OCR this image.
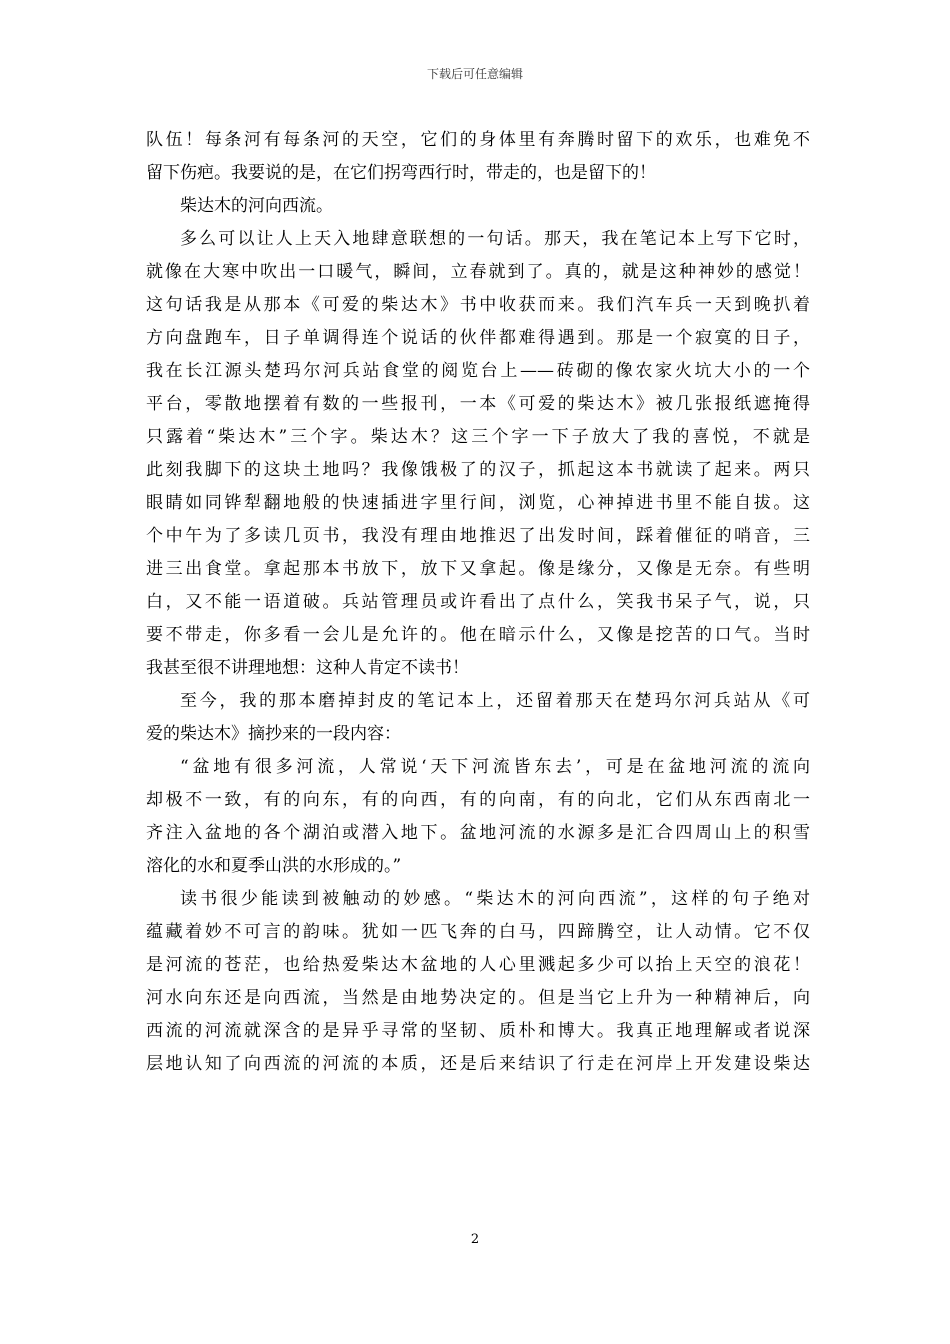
下载后可任意编辑
队伍！每条河有每条河的天空，它们的身体里有奔腾时留下的欢乐，也难免不
留下伤疤。我要说的是，在它们拐弯西行时，带走的，也是留下的！
柴达木的河向西流。
多么可以让人上天入地肆意联想的一句话。那天，我在笔记本上写下它时，
就像在大寒中吹出一口暖气，瞬间，立春就到了。真的，就是这种神妙的感觉！
这句话我是从那本《可爱的柴达木》书中收获而来。我们汽车兵一天到晚扒着
方向盘跑车，日子单调得连个说话的伙伴都难得遇到。那是一个寂寞的日子，
我在长江源头楚玛尔河兵站食堂的阅览台上——砖砌的像农家火坑大小的一个
平台，零散地摆着有数的一些报刊，一本《可爱的柴达木》被几张报纸遮掩得
只露着“柴达木”三个字。柴达木？这三个字一下子放大了我的喜悦，不就是
此刻我脚下的这块土地吗？我像饿极了的汉子，抓起这本书就读了起来。两只
眼睛如同铧犁翻地般的快速插进字里行间，浏览，心神掉进书里不能自拔。这
个中午为了多读几页书，我没有理由地推迟了出发时间，踩着催征的哨音，三
进三出食堂。拿起那本书放下，放下又拿起。像是缘分，又像是无奈。有些明
白，又不能一语道破。兵站管理员或许看出了点什么，笑我书呆子气，说，只
要不带走，你多看一会儿是允许的。他在暗示什么，又像是挖苦的口气。当时
我甚至很不讲理地想：这种人肯定不读书！
至今，我的那本磨掉封皮的笔记本上，还留着那天在楚玛尔河兵站从《可
爱的柴达木》摘抄来的一段内容：
“盆地有很多河流，人常说‘天下河流皆东去’，可是在盆地河流的流向
却极不一致，有的向东，有的向西，有的向南，有的向北，它们从东西南北一
齐注入盆地的各个湖泊或潜入地下。盆地河流的水源多是汇合四周山上的积雪
溶化的水和夏季山洪的水形成的。”
读书很少能读到被触动的妙感。“柴达木的河向西流”，这样的句子绝对
蕴藏着妙不可言的韵味。犹如一匹飞奔的白马，四蹄腾空，让人动情。它不仅
是河流的苍茫，也给热爱柴达木盆地的人心里溅起多少可以抬上天空的浪花！
河水向东还是向西流，当然是由地势决定的。但是当它上升为一种精神后，向
西流的河流就深含的是异乎寻常的坚韧、质朴和博大。我真正地理解或者说深
层地认知了向西流的河流的本质，还是后来结识了行走在河岸上开发建设柴达
2
